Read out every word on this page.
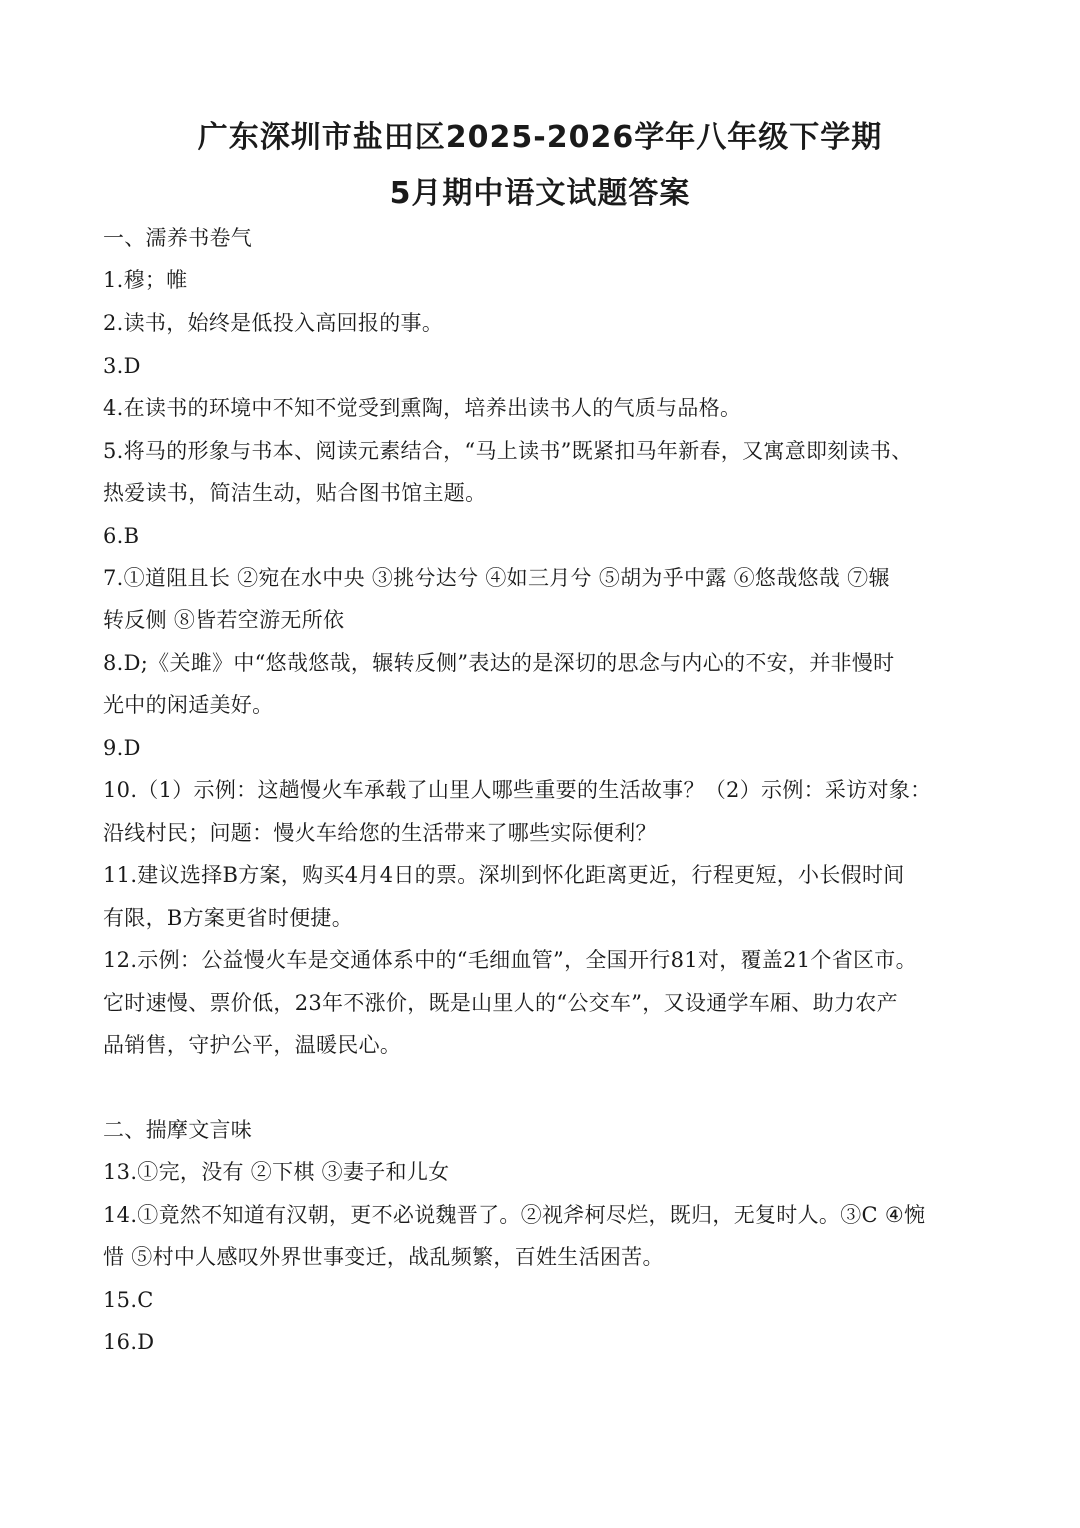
广东深圳市盐田区2025-2026学年八年级下学期
5月期中语文试题答案
一、濡养书卷气
1.穆；帷
2.读书，始终是低投入高回报的事。
3.D
4.在读书的环境中不知不觉受到熏陶，培养出读书人的气质与品格。
5.将马的形象与书本、阅读元素结合，“马上读书”既紧扣马年新春，又寓意即刻读书、
热爱读书，简洁生动，贴合图书馆主题。
6.B
7.①道阻且长 ②宛在水中央 ③挑兮达兮 ④如三月兮 ⑤胡为乎中露 ⑥悠哉悠哉 ⑦辗
转反侧 ⑧皆若空游无所依
8.D;《关雎》中“悠哉悠哉，辗转反侧”表达的是深切的思念与内心的不安，并非慢时
光中的闲适美好。
9.D
10.（1）示例：这趟慢火车承载了山里人哪些重要的生活故事？（2）示例：采访对象：
沿线村民；问题：慢火车给您的生活带来了哪些实际便利？
11.建议选择B方案，购买4月4日的票。深圳到怀化距离更近，行程更短，小长假时间
有限，B方案更省时便捷。
12.示例：公益慢火车是交通体系中的“毛细血管”，全国开行81对，覆盖21个省区市。
它时速慢、票价低，23年不涨价，既是山里人的“公交车”，又设通学车厢、助力农产
品销售，守护公平，温暖民心。
二、揣摩文言味
13.①完，没有 ②下棋 ③妻子和儿女
14.①竟然不知道有汉朝，更不必说魏晋了。②视斧柯尽烂，既归，无复时人。③C ④惋
惜 ⑤村中人感叹外界世事变迁，战乱频繁，百姓生活困苦。
15.C
16.D
